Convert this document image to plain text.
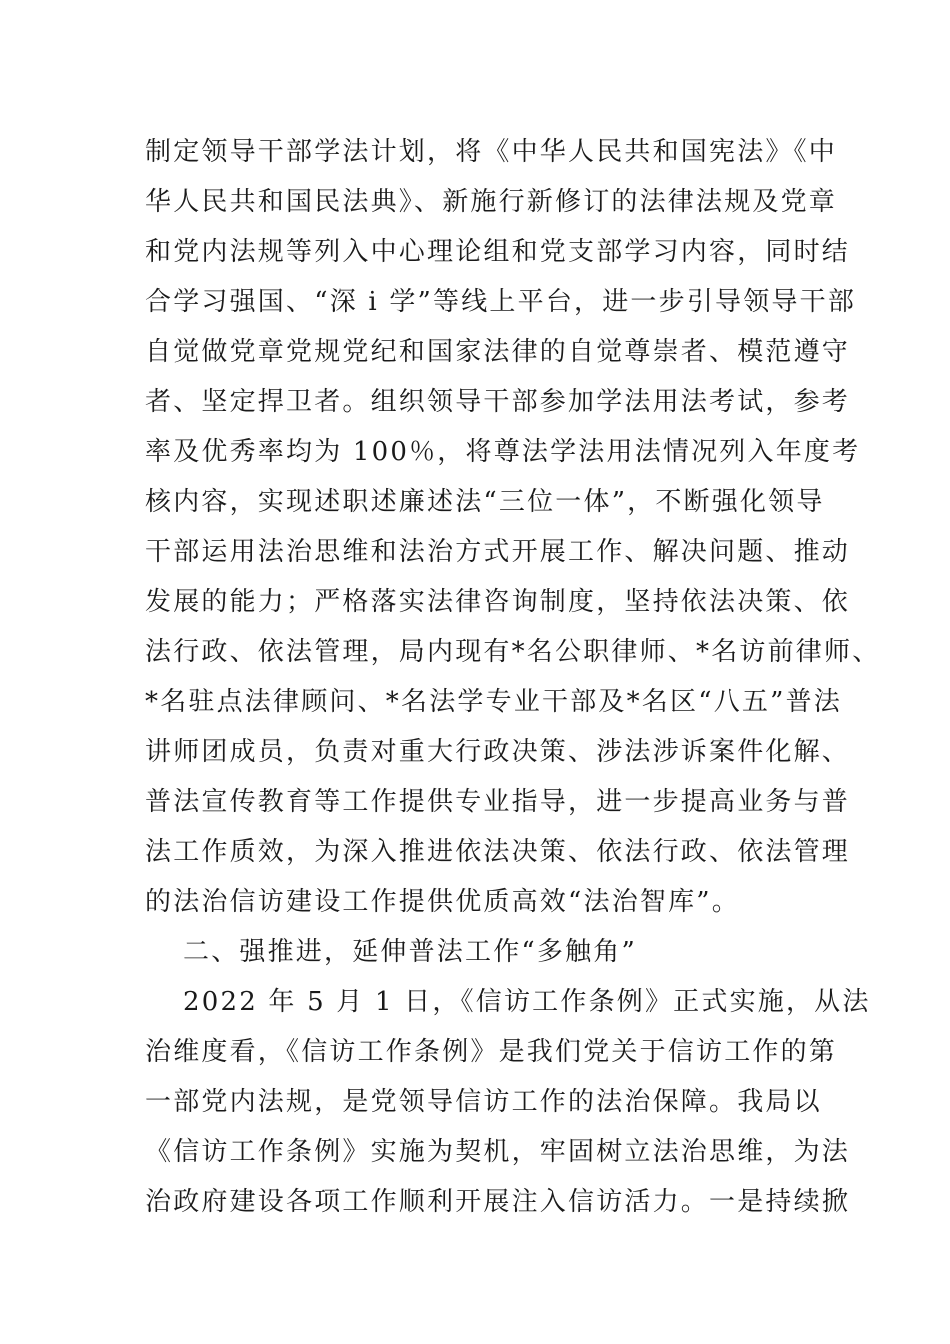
制定领导干部学法计划，将《中华人民共和国宪法》《中
华人民共和国民法典》、新施行新修订的法律法规及党章
和党内法规等列入中心理论组和党支部学习内容，同时结
合学习强国、“深 i 学”等线上平台，进一步引导领导干部
自觉做党章党规党纪和国家法律的自觉尊崇者、模范遵守
者、坚定捍卫者。组织领导干部参加学法用法考试，参考
率及优秀率均为 100％，将尊法学法用法情况列入年度考
核内容，实现述职述廉述法“三位一体”，不断强化领导
干部运用法治思维和法治方式开展工作、解决问题、推动
发展的能力；严格落实法律咨询制度，坚持依法决策、依
法行政、依法管理，局内现有*名公职律师、*名访前律师、
*名驻点法律顾问、*名法学专业干部及*名区“八五”普法
讲师团成员，负责对重大行政决策、涉法涉诉案件化解、
普法宣传教育等工作提供专业指导，进一步提高业务与普
法工作质效，为深入推进依法决策、依法行政、依法管理
的法治信访建设工作提供优质高效“法治智库”。
二、强推进，延伸普法工作“多触角”
2022 年 5 月 1 日，《信访工作条例》正式实施，从法
治维度看，《信访工作条例》是我们党关于信访工作的第
一部党内法规，是党领导信访工作的法治保障。我局以
《信访工作条例》实施为契机，牢固树立法治思维，为法
治政府建设各项工作顺利开展注入信访活力。一是持续掀
